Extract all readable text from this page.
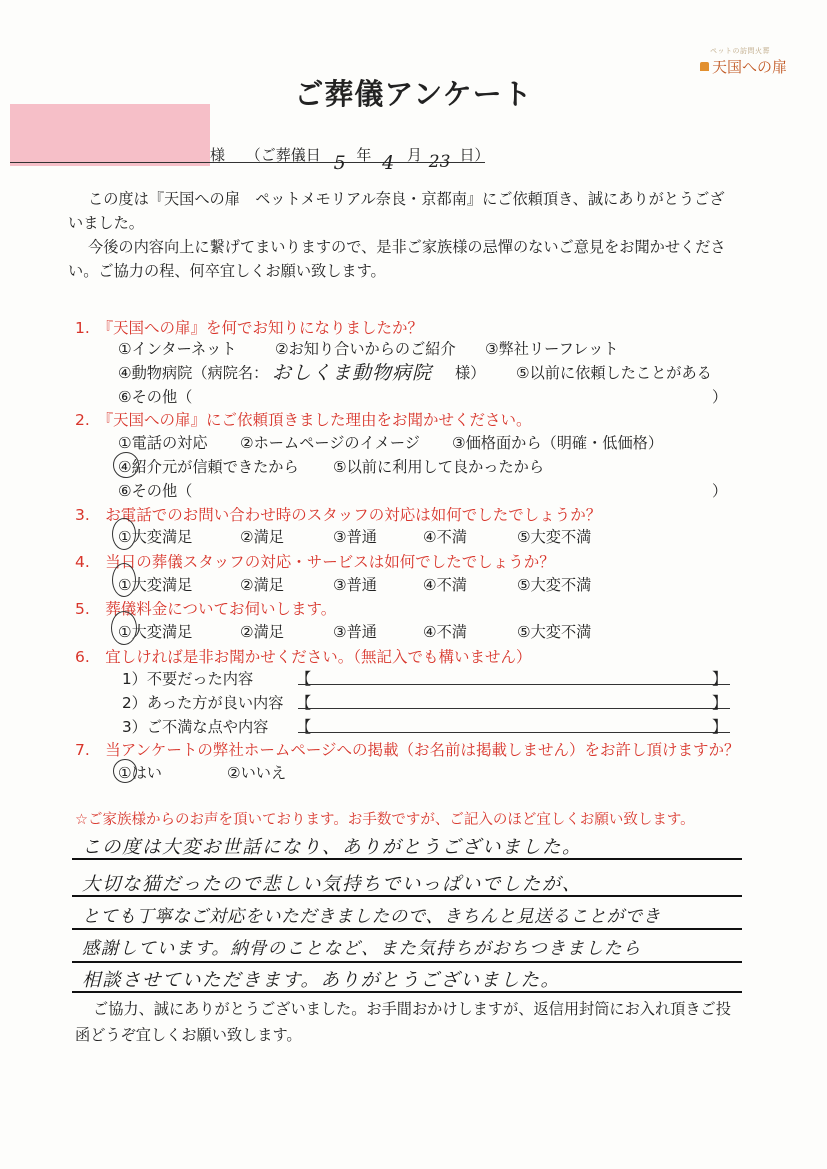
ペットの訪問火葬
天国への扉
ご葬儀アンケート
様 （ご葬儀日 5 年 4 月 23 日）

この度は『天国への扉　ペットメモリアル奈良・京都南』にご依頼頂き、誠にありがとうござ

いました。

今後の内容向上に繋げてまいりますので、是非ご家族様の忌憚のないご意見をお聞かせくださ

い。ご協力の程、何卒宜しくお願い致します。

1.　『天国への扉』を何でお知りになりましたか？
①インターネット	②お知り合いからのご紹介 ③弊社リーフレット
④動物病院（病院名： おしくま動物病院 様） ⑤以前に依頼したことがある
⑥その他（	）
2.　『天国への扉』にご依頼頂きました理由をお聞かせください。
①電話の対応 ②ホームページのイメージ ③価格面から（明確・低価格）
④紹介元が信頼できたから ⑤以前に利用して良かったから
⑥その他（	）
3.　お電話でのお問い合わせ時のスタッフの対応は如何でしたでしょうか？
①大変満足	②満足	③普通	④不満	⑤大変不満
4.　当日の葬儀スタッフの対応・サービスは如何でしたでしょうか？
①大変満足	②満足	③普通	④不満	⑤大変不満
5.　葬儀料金についてお伺いします。
①大変満足	②満足	③普通	④不満	⑤大変不満
6.　宜しければ是非お聞かせください。（無記入でも構いません）
1）不要だった内容	【	】
2）あった方が良い内容 【	】
3）ご不満な点や内容 【	】
7.　当アンケートの弊社ホームページへの掲載（お名前は掲載しません）をお許し頂けますか？
①はい	②いいえ
☆ご家族様からのお声を頂いております。お手数ですが、ご記入のほど宜しくお願い致します。
この度は大変お世話になり、ありがとうございました。
大切な猫だったので悲しい気持ちでいっぱいでしたが、
とても丁寧なご対応をいただきましたので、きちんと見送ることができ
感謝しています。納骨のことなど、また気持ちがおちつきましたら
相談させていただきます。ありがとうございました。

ご協力、誠にありがとうございました。お手間おかけしますが、返信用封筒にお入れ頂きご投

函どうぞ宜しくお願い致します。
